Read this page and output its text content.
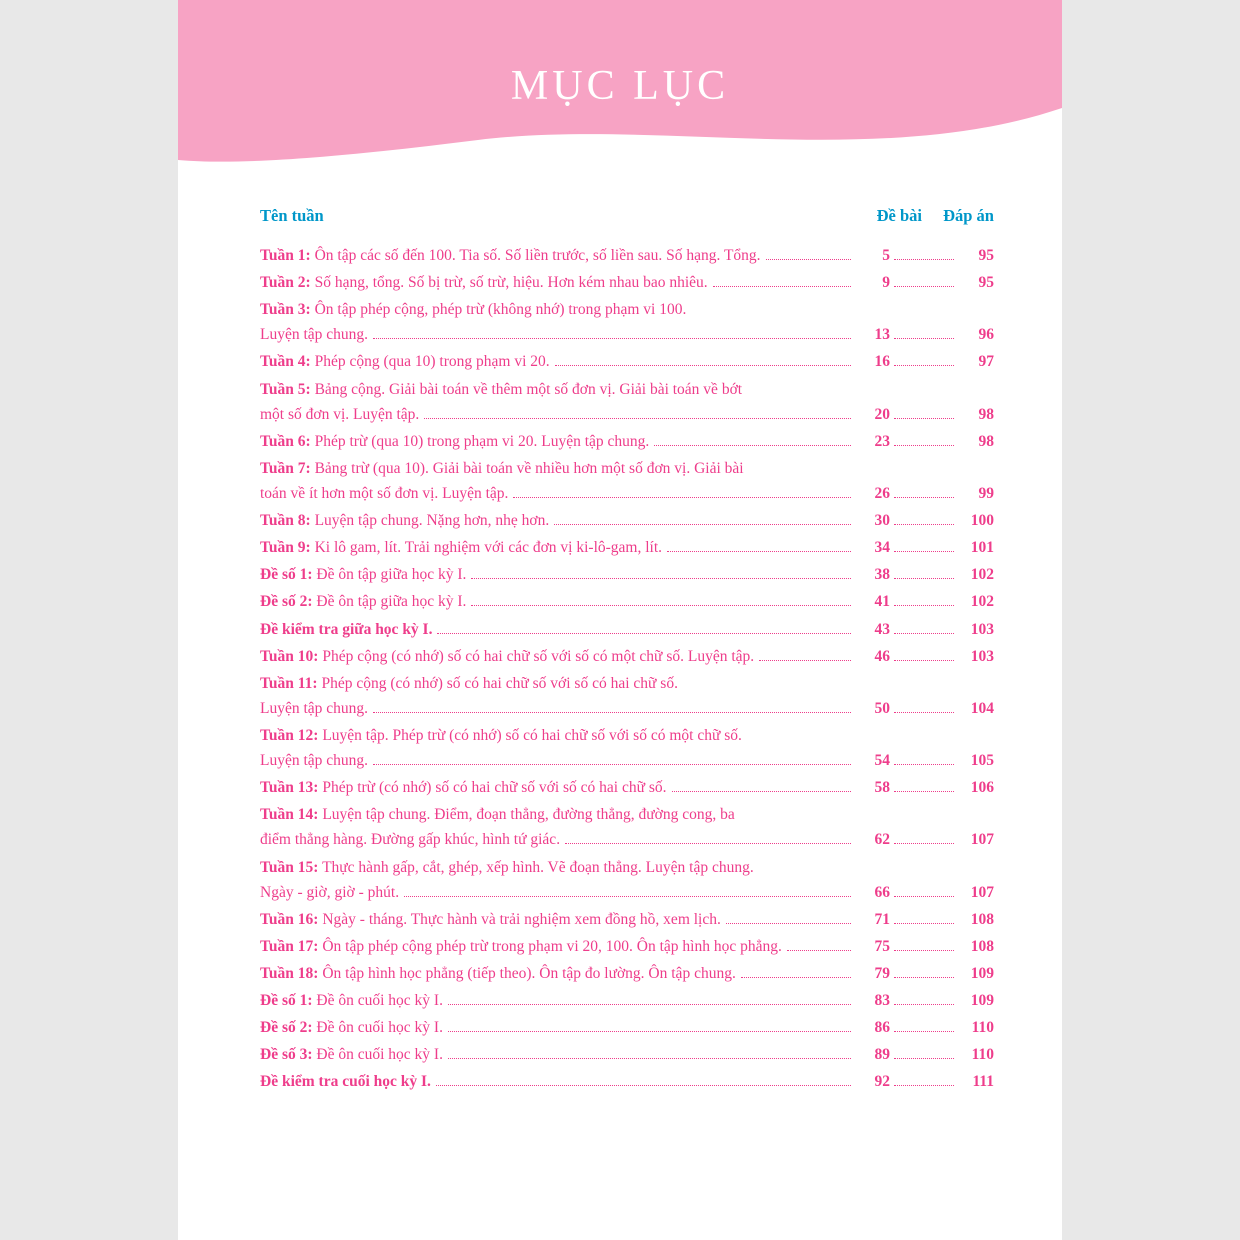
MỤC LỤC
Tên tuần	Đề bài	Đáp án
Tuần 1: Ôn tập các số đến 100. Tia số. Số liền trước, số liền sau. Số hạng. Tổng.	5	95
Tuần 2: Số hạng, tổng. Số bị trừ, số trừ, hiệu. Hơn kém nhau bao nhiêu.	9	95
Tuần 3: Ôn tập phép cộng, phép trừ (không nhớ) trong phạm vi 100.
Luyện tập chung.	13	96
Tuần 4: Phép cộng (qua 10) trong phạm vi 20.	16	97
Tuần 5: Bảng cộng. Giải bài toán về thêm một số đơn vị. Giải bài toán về bớt
một số đơn vị. Luyện tập.	20	98
Tuần 6: Phép trừ (qua 10) trong phạm vi 20. Luyện tập chung.	23	98
Tuần 7: Bảng trừ (qua 10). Giải bài toán về nhiều hơn một số đơn vị. Giải bài
toán về ít hơn một số đơn vị. Luyện tập.	26	99
Tuần 8: Luyện tập chung. Nặng hơn, nhẹ hơn.	30	100
Tuần 9: Ki lô gam, lít. Trải nghiệm với các đơn vị ki-lô-gam, lít.	34	101
Đề số 1: Đề ôn tập giữa học kỳ I.	38	102
Đề số 2: Đề ôn tập giữa học kỳ I.	41	102
Đề kiểm tra giữa học kỳ I.	43	103
Tuần 10: Phép cộng (có nhớ) số có hai chữ số với số có một chữ số. Luyện tập.	46	103
Tuần 11: Phép cộng (có nhớ) số có hai chữ số với số có hai chữ số.
Luyện tập chung.	50	104
Tuần 12: Luyện tập. Phép trừ (có nhớ) số có hai chữ số với số có một chữ số.
Luyện tập chung.	54	105
Tuần 13: Phép trừ (có nhớ) số có hai chữ số với số có hai chữ số.	58	106
Tuần 14: Luyện tập chung. Điểm, đoạn thẳng, đường thẳng, đường cong, ba
điểm thẳng hàng. Đường gấp khúc, hình tứ giác.	62	107
Tuần 15: Thực hành gấp, cắt, ghép, xếp hình. Vẽ đoạn thẳng. Luyện tập chung.
Ngày - giờ, giờ - phút.	66	107
Tuần 16: Ngày - tháng. Thực hành và trải nghiệm xem đồng hồ, xem lịch.	71	108
Tuần 17: Ôn tập phép cộng phép trừ trong phạm vi 20, 100. Ôn tập hình học phẳng.	75	108
Tuần 18: Ôn tập hình học phẳng (tiếp theo). Ôn tập đo lường. Ôn tập chung.	79	109
Đề số 1: Đề ôn cuối học kỳ I.	83	109
Đề số 2: Đề ôn cuối học kỳ I.	86	110
Đề số 3: Đề ôn cuối học kỳ I.	89	110
Đề kiểm tra cuối học kỳ I.	92	111
